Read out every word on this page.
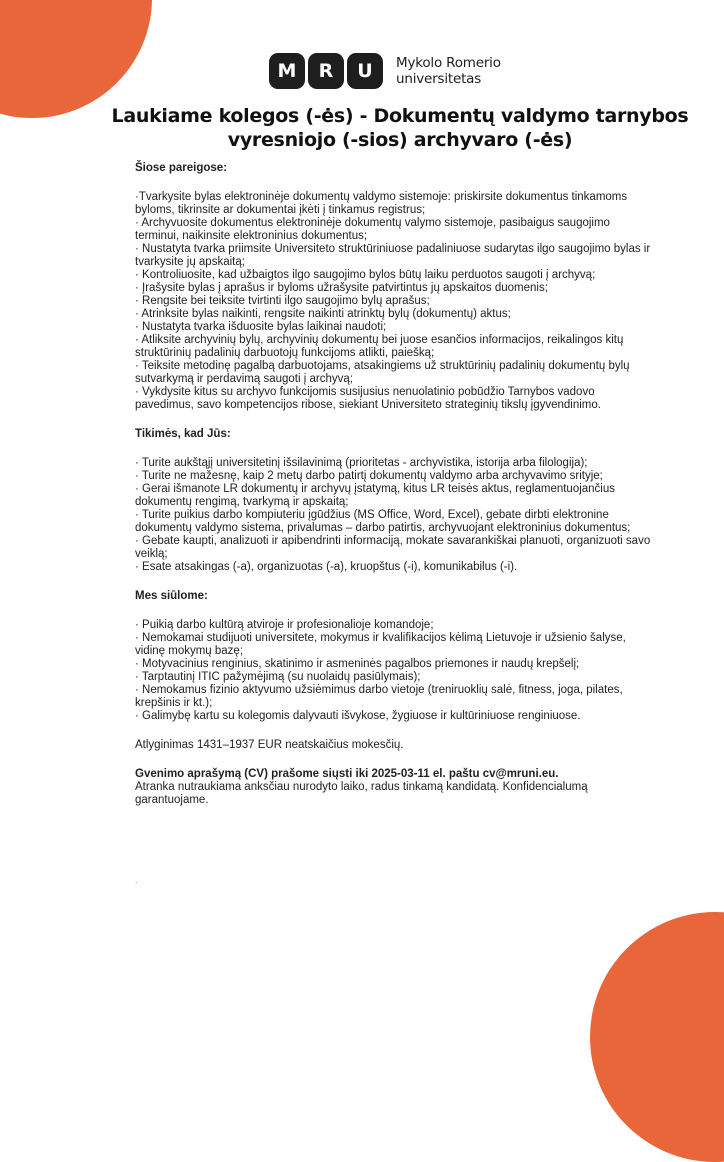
M	R	U	Mykolo Romerio
universitetas
Laukiame kolegos (-ės) - Dokumentų valdymo tarnybos vyresniojo (-sios) archyvaro (-ės)
Šiose pareigose:
·Tvarkysite bylas elektroninėje dokumentų valdymo sistemoje: priskirsite dokumentus tinkamoms byloms, tikrinsite ar dokumentai įkėti į tinkamus registrus;
· Archyvuosite dokumentus elektroninėje dokumentų valymo sistemoje, pasibaigus saugojimo terminui, naikinsite elektroninius dokumentus;
· Nustatyta tvarka priimsite Universiteto struktūriniuose padaliniuose sudarytas ilgo saugojimo bylas ir tvarkysite jų apskaitą;
· Kontroliuosite, kad užbaigtos ilgo saugojimo bylos būtų laiku perduotos saugoti į archyvą;
· Įrašysite bylas į aprašus ir byloms užrašysite patvirtintus jų apskaitos duomenis;
· Rengsite bei teiksite tvirtinti ilgo saugojimo bylų aprašus;
· Atrinksite bylas naikinti, rengsite naikinti atrinktų bylų (dokumentų) aktus;
· Nustatyta tvarka išduosite bylas laikinai naudoti;
· Atliksite archyvinių bylų, archyvinių dokumentų bei juose esančios informacijos, reikalingos kitų struktūrinių padalinių darbuotojų funkcijoms atlikti, paiešką;
· Teiksite metodinę pagalbą darbuotojams, atsakingiems už struktūrinių padalinių dokumentų bylų sutvarkymą ir perdavimą saugoti į archyvą;
· Vykdysite kitus su archyvo funkcijomis susijusius nenuolatinio pobūdžio Tarnybos vadovo pavedimus, savo kompetencijos ribose, siekiant Universiteto strateginių tikslų įgyvendinimo.
Tikimės, kad Jūs:
· Turite aukštąjį universitetinį išsilavinimą (prioritetas - archyvistika, istorija arba filologija);
· Turite ne mažesnę, kaip 2 metų darbo patirtį dokumentų valdymo arba archyvavimo srityje;
· Gerai išmanote LR dokumentų ir archyvų įstatymą, kitus LR teisės aktus, reglamentuojančius dokumentų rengimą, tvarkymą ir apskaitą;
· Turite puikius darbo kompiuteriu įgūdžius (MS Office, Word, Excel), gebate dirbti elektronine dokumentų valdymo sistema, privalumas – darbo patirtis, archyvuojant elektroninius dokumentus;
· Gebate kaupti, analizuoti ir apibendrinti informaciją, mokate savarankiškai planuoti, organizuoti savo veiklą;
· Esate atsakingas (-a), organizuotas (-a), kruopštus (-i), komunikabilus (-i).
Mes siūlome:
· Puikią darbo kultūrą atviroje ir profesionalioje komandoje;
· Nemokamai studijuoti universitete, mokymus ir kvalifikacijos kėlimą Lietuvoje ir užsienio šalyse, vidinę mokymų bazę;
· Motyvacinius renginius, skatinimo ir asmeninės pagalbos priemones ir naudų krepšelį;
· Tarptautinį ITIC pažymėjimą (su nuolaidų pasiūlymais);
· Nemokamus fizinio aktyvumo užsiėmimus darbo vietoje (treniruoklių salė, fitness, joga, pilates, krepšinis ir kt.);
· Galimybę kartu su kolegomis dalyvauti išvykose, žygiuose ir kultūriniuose renginiuose.
Atlyginimas 1431–1937 EUR neatskaičius mokesčių.
Gvenimo aprašymą (CV) prašome siųsti iki 2025-03-11 el. paštu cv@mruni.eu.
Atranka nutraukiama anksčiau nurodyto laiko, radus tinkamą kandidatą. Konfidencialumą garantuojame.
.
